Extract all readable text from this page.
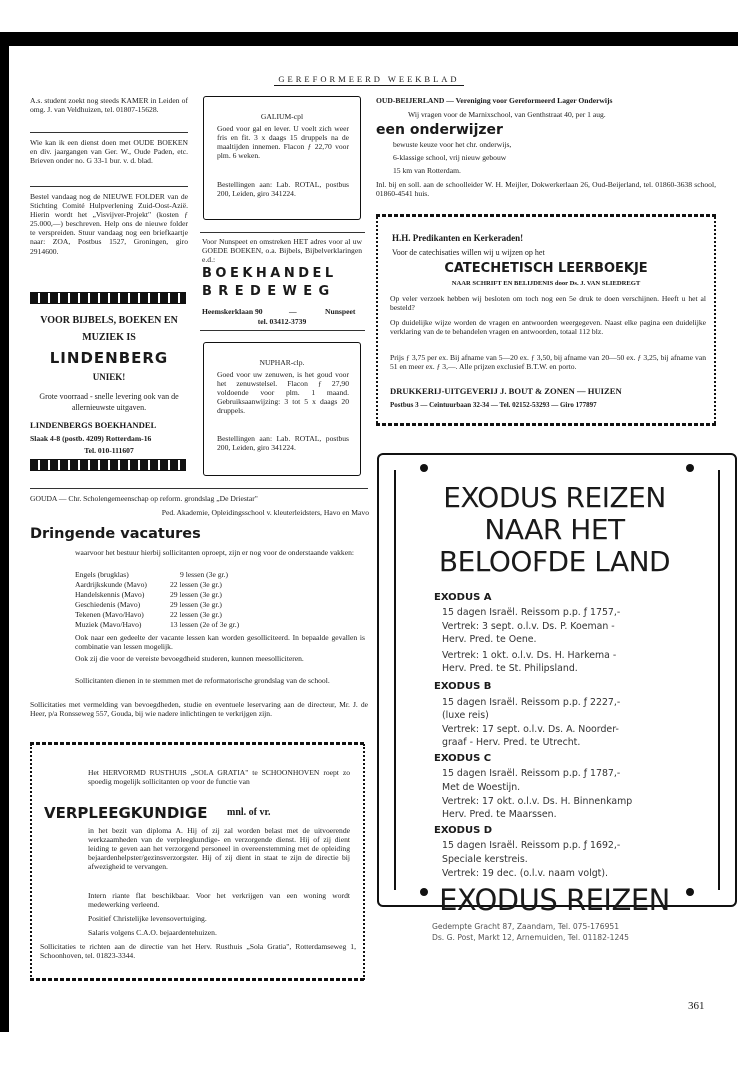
GEREFORMEERD WEEKBLAD
A.s. student zoekt nog steeds KAMER in Leiden of omg. J. van Veldhuizen, tel. 01807-15628.
Wie kan ik een dienst doen met OUDE BOEKEN en div. jaargangen van Ger. W., Oude Paden, etc. Brieven onder no. G 33-1 bur. v. d. blad.
Bestel vandaag nog de NIEUWE FOLDER van de Stichting Comité Hulpverlening Zuid-Oost-Azië. Hierin wordt het „Visvijver-Projekt" (kosten ƒ 25.000,—) beschreven. Help ons de nieuwe folder te verspreiden. Stuur vandaag nog een briefkaartje naar: ZOA, Postbus 1527, Groningen, giro 2914600.
VOOR BIJBELS, BOEKEN EN
MUZIEK IS
LINDENBERG
UNIEK!
Grote voorraad - snelle levering ook van de allernieuwste uitgaven.
LINDENBERGS BOEKHANDEL
Slaak 4-8 (postb. 4209) Rotterdam-16
Tel. 010-111607
GALIUM-cpl
Goed voor gal en lever. U voelt zich weer fris en fit. 3 x daags 15 druppels na de maaltijden innemen. Flacon ƒ 22,70 voor plm. 6 weken.
Bestellingen aan: Lab. ROTAL, postbus 200, Leiden, giro 341224.
Voor Nunspeet en omstreken HET adres voor al uw GOEDE BOEKEN, o.a. Bijbels, Bijbelverklaringen e.d.:
BOEKHANDEL
BREDEWEG
Heemskerklaan 90	—	Nunspeet
tel. 03412-3739
NUPHAR-clp.
Goed voor uw zenuwen, is het goud voor het zenuwstelsel. Flacon ƒ 27,90 voldoende voor plm. 1 maand. Gebruiksaanwijzing: 3 tot 5 x daags 20 druppels.
Bestellingen aan: Lab. ROTAL, postbus 200, Leiden, giro 341224.
OUD-BEIJERLAND — Vereniging voor Gereformeerd Lager Onderwijs
Wij vragen voor de Marnixschool, van Genthstraat 40, per 1 aug.
een onderwijzer
bewuste keuze voor het chr. onderwijs,
6-klassige school, vrij nieuw gebouw
15 km van Rotterdam.
Inl. bij en soll. aan de schoolleider W. H. Meijler, Dokwerkerlaan 26, Oud-Beijerland, tel. 01860-3638 school, 01860-4541 huis.
H.H. Predikanten en Kerkeraden!
Voor de catechisaties willen wij u wijzen op het
CATECHETISCH LEERBOEKJE
NAAR SCHRIFT EN BELIJDENIS door Ds. J. VAN SLIEDREGT
Op veler verzoek hebben wij besloten om toch nog een 5e druk te doen verschijnen. Heeft u het al besteld?
Op duidelijke wijze worden de vragen en antwoorden weergegeven. Naast elke pagina een duidelijke verklaring van de te behandelen vragen en antwoorden, totaal 112 blz.
Prijs ƒ 3,75 per ex. Bij afname van 5—20 ex. ƒ 3,50, bij afname van 20—50 ex. ƒ 3,25, bij afname van 51 en meer ex. ƒ 3,—. Alle prijzen exclusief B.T.W. en porto.
DRUKKERIJ-UITGEVERIJ J. BOUT & ZONEN — HUIZEN
Postbus 3 — Ceintuurbaan 32-34 — Tel. 02152-53293 — Giro 177897
GOUDA — Chr. Scholengemeenschap op reform. grondslag „De Driestar"
Ped. Akademie, Opleidingsschool v. kleuterleidsters, Havo en Mavo
Dringende vacatures
waarvoor het bestuur hierbij sollicitanten oproept, zijn er nog voor de onderstaande vakken:
Engels (brugklas)	9 lessen (3e gr.)
Aardrijkskunde (Mavo)	22 lessen (3e gr.)
Handelskennis (Mavo)	29 lessen (3e gr.)
Geschiedenis (Mavo)	29 lessen (3e gr.)
Tekenen (Mavo/Havo)	22 lessen (3e gr.)
Muziek (Mavo/Havo)	13 lessen (2e of 3e gr.)
Ook naar een gedeelte der vacante lessen kan worden gesolliciteerd. In bepaalde gevallen is combinatie van lessen mogelijk.
Ook zij die voor de vereiste bevoegdheid studeren, kunnen meesolliciteren.
Sollicitanten dienen in te stemmen met de reformatorische grondslag van de school.
Sollicitaties met vermelding van bevoegdheden, studie en eventuele leservaring aan de directeur, Mr. J. de Heer, p/a Ronsseweg 557, Gouda, bij wie nadere inlichtingen te verkrijgen zijn.
Het HERVORMD RUSTHUIS „SOLA GRATIA" te SCHOONHOVEN roept zo spoedig mogelijk sollicitanten op voor de functie van
VERPLEEGKUNDIGE mnl. of vr.
in het bezit van diploma A. Hij of zij zal worden belast met de uitvoerende werkzaamheden van de verpleegkundige- en verzorgende dienst. Hij of zij dient leiding te geven aan het verzorgend personeel in overeenstemming met de opleiding bejaardenhelpster/gezinsverzorgster. Hij of zij dient in staat te zijn de directie bij afwezigheid te vervangen.
Intern riante flat beschikbaar. Voor het verkrijgen van een woning wordt medewerking verleend.
Positief Christelijke levensovertuiging.
Salaris volgens C.A.O. bejaardentehuizen.
Sollicitaties te richten aan de directie van het Herv. Rusthuis „Sola Gratia", Rotterdamseweg 1, Schoonhoven, tel. 01823-3344.
EXODUS REIZEN
NAAR HET
BELOOFDE LAND
EXODUS A
15 dagen Israël. Reissom p.p. ƒ 1757,-
Vertrek: 3 sept. o.l.v. Ds. P. Koeman -
Herv. Pred. te Oene.
Vertrek: 1 okt. o.l.v. Ds. H. Harkema -
Herv. Pred. te St. Philipsland.
EXODUS B
15 dagen Israël. Reissom p.p. ƒ 2227,-
(luxe reis)
Vertrek: 17 sept. o.l.v. Ds. A. Noorder-
graaf - Herv. Pred. te Utrecht.
EXODUS C
15 dagen Israël. Reissom p.p. ƒ 1787,-
Met de Woestijn.
Vertrek: 17 okt. o.l.v. Ds. H. Binnenkamp
Herv. Pred. te Maarssen.
EXODUS D
15 dagen Israël. Reissom p.p. ƒ 1692,-
Speciale kerstreis.
Vertrek: 19 dec. (o.l.v. naam volgt).
EXODUS REIZEN
Gedempte Gracht 87, Zaandam, Tel. 075-176951
Ds. G. Post, Markt 12, Arnemuiden, Tel. 01182-1245
361
